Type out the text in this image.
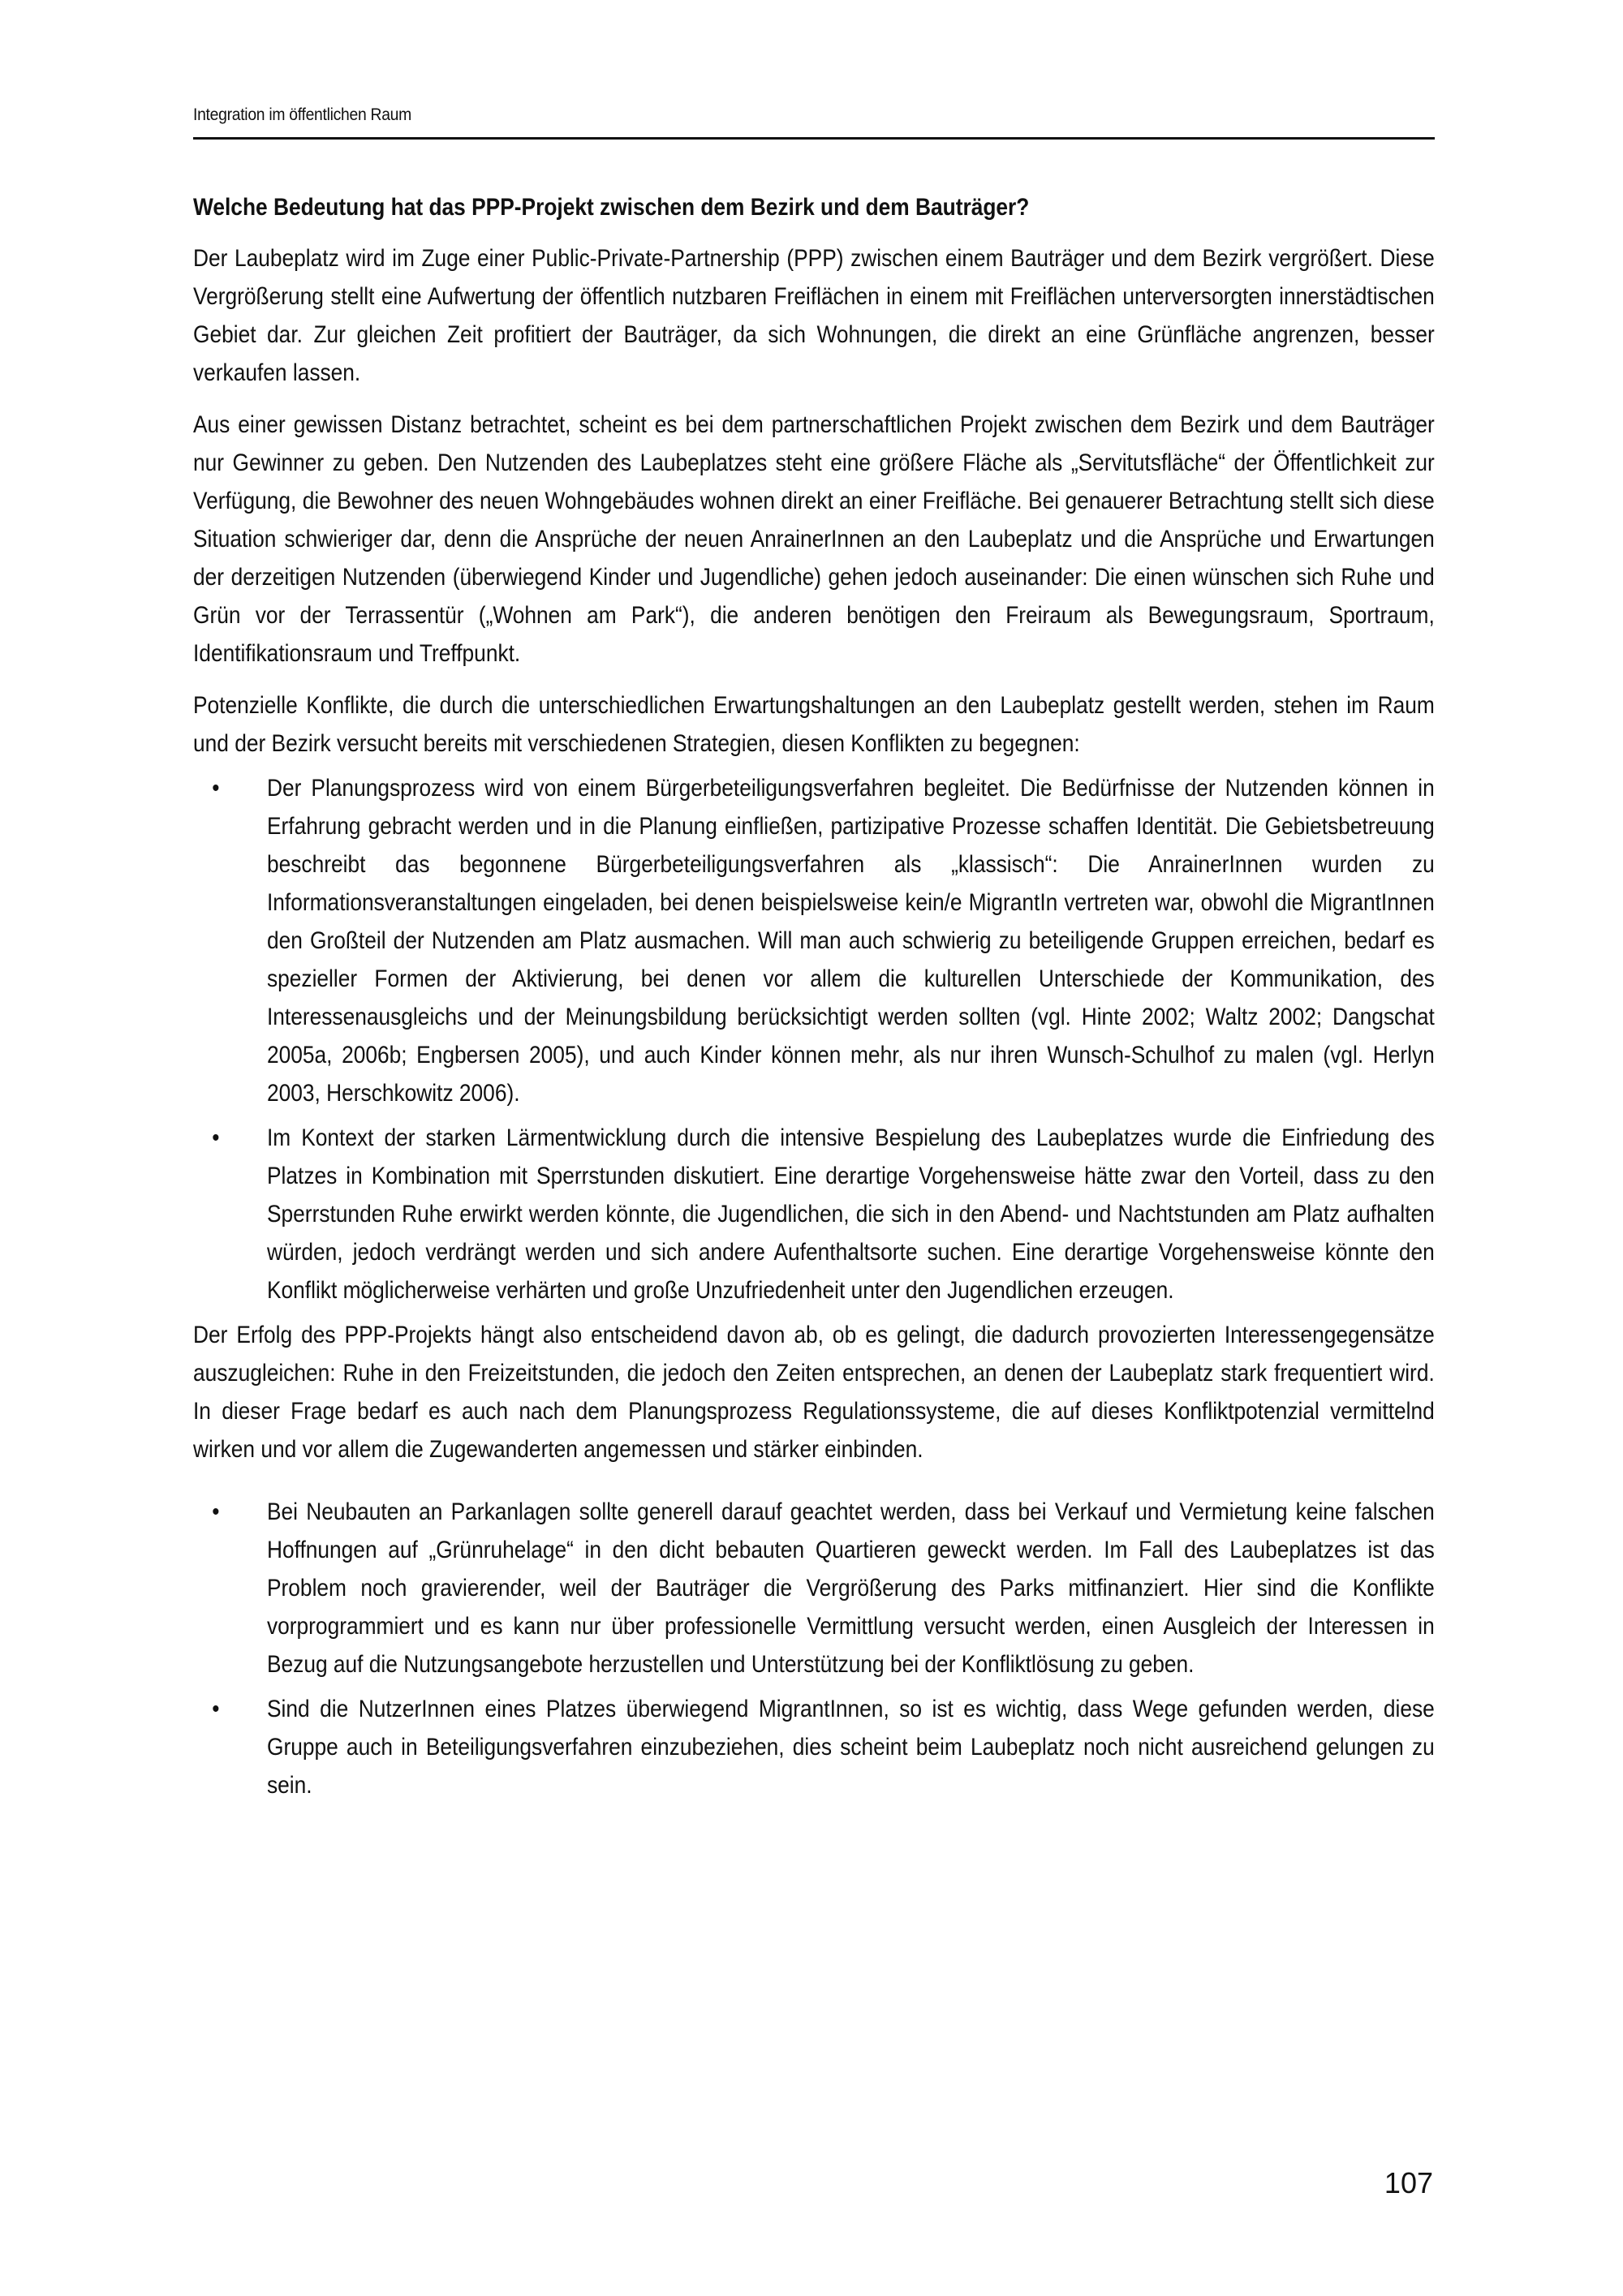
Integration im öffentlichen Raum
Welche Bedeutung hat das PPP-Projekt zwischen dem Bezirk und dem Bauträger?

Der Laubeplatz wird im Zuge einer Public-Private-Partnership (PPP) zwischen einem Bauträger und dem Bezirk vergrößert. Diese Vergrößerung stellt eine Aufwertung der öffentlich nutzbaren Freiflächen in einem mit Freiflächen unterversorgten innerstädtischen Gebiet dar. Zur gleichen Zeit profitiert der Bauträger, da sich Wohnungen, die direkt an eine Grünfläche angrenzen, besser verkaufen lassen.

Aus einer gewissen Distanz betrachtet, scheint es bei dem partnerschaftlichen Projekt zwischen dem Bezirk und dem Bauträger nur Gewinner zu geben. Den Nutzenden des Laubeplatzes steht eine größere Fläche als „Servitutsfläche“ der Öffentlichkeit zur Verfügung, die Bewohner des neuen Wohngebäudes wohnen direkt an einer Freifläche. Bei genauerer Betrachtung stellt sich diese Situation schwieriger dar, denn die Ansprüche der neuen AnrainerInnen an den Laubeplatz und die Ansprüche und Erwartungen der derzeitigen Nutzenden (überwiegend Kinder und Jugendliche) gehen jedoch auseinander: Die einen wünschen sich Ruhe und Grün vor der Terrassentür („Wohnen am Park“), die anderen benötigen den Freiraum als Bewegungsraum, Sportraum, Identifikationsraum und Treffpunkt.

Potenzielle Konflikte, die durch die unterschiedlichen Erwartungshaltungen an den Laubeplatz gestellt werden, stehen im Raum und der Bezirk versucht bereits mit verschiedenen Strategien, diesen Konflikten zu begegnen:

• Der Planungsprozess wird von einem Bürgerbeteiligungsverfahren begleitet. Die Bedürfnisse der Nutzenden können in Erfahrung gebracht werden und in die Planung einfließen, partizipative Prozesse schaffen Identität. Die Gebietsbetreuung beschreibt das begonnene Bürgerbeteiligungsverfahren als „klassisch“: Die AnrainerInnen wurden zu Informationsveranstaltungen eingeladen, bei denen beispielsweise kein/e MigrantIn vertreten war, obwohl die MigrantInnen den Großteil der Nutzenden am Platz ausmachen. Will man auch schwierig zu beteiligende Gruppen erreichen, bedarf es spezieller Formen der Aktivierung, bei denen vor allem die kulturellen Unterschiede der Kommunikation, des Interessenausgleichs und der Meinungsbildung berücksichtigt werden sollten (vgl. Hinte 2002; Waltz 2002; Dangschat 2005a, 2006b; Engbersen 2005), und auch Kinder können mehr, als nur ihren Wunsch-Schulhof zu malen (vgl. Herlyn 2003, Herschkowitz 2006).
• Im Kontext der starken Lärmentwicklung durch die intensive Bespielung des Laubeplatzes wurde die Einfriedung des Platzes in Kombination mit Sperrstunden diskutiert. Eine derartige Vorgehensweise hätte zwar den Vorteil, dass zu den Sperrstunden Ruhe erwirkt werden könnte, die Jugendlichen, die sich in den Abend- und Nachtstunden am Platz aufhalten würden, jedoch verdrängt werden und sich andere Aufenthaltsorte suchen. Eine derartige Vorgehensweise könnte den Konflikt möglicherweise verhärten und große Unzufriedenheit unter den Jugendlichen erzeugen.

Der Erfolg des PPP-Projekts hängt also entscheidend davon ab, ob es gelingt, die dadurch provozierten Interessengegensätze auszugleichen: Ruhe in den Freizeitstunden, die jedoch den Zeiten entsprechen, an denen der Laubeplatz stark frequentiert wird. In dieser Frage bedarf es auch nach dem Planungsprozess Regulationssysteme, die auf dieses Konfliktpotenzial vermittelnd wirken und vor allem die Zugewanderten angemessen und stärker einbinden.

• Bei Neubauten an Parkanlagen sollte generell darauf geachtet werden, dass bei Verkauf und Vermietung keine falschen Hoffnungen auf „Grünruhelage“ in den dicht bebauten Quartieren geweckt werden. Im Fall des Laubeplatzes ist das Problem noch gravierender, weil der Bauträger die Vergrößerung des Parks mitfinanziert. Hier sind die Konflikte vorprogrammiert und es kann nur über professionelle Vermittlung versucht werden, einen Ausgleich der Interessen in Bezug auf die Nutzungsangebote herzustellen und Unterstützung bei der Konfliktlösung zu geben.
• Sind die NutzerInnen eines Platzes überwiegend MigrantInnen, so ist es wichtig, dass Wege gefunden werden, diese Gruppe auch in Beteiligungsverfahren einzubeziehen, dies scheint beim Laubeplatz noch nicht ausreichend gelungen zu sein.
107
